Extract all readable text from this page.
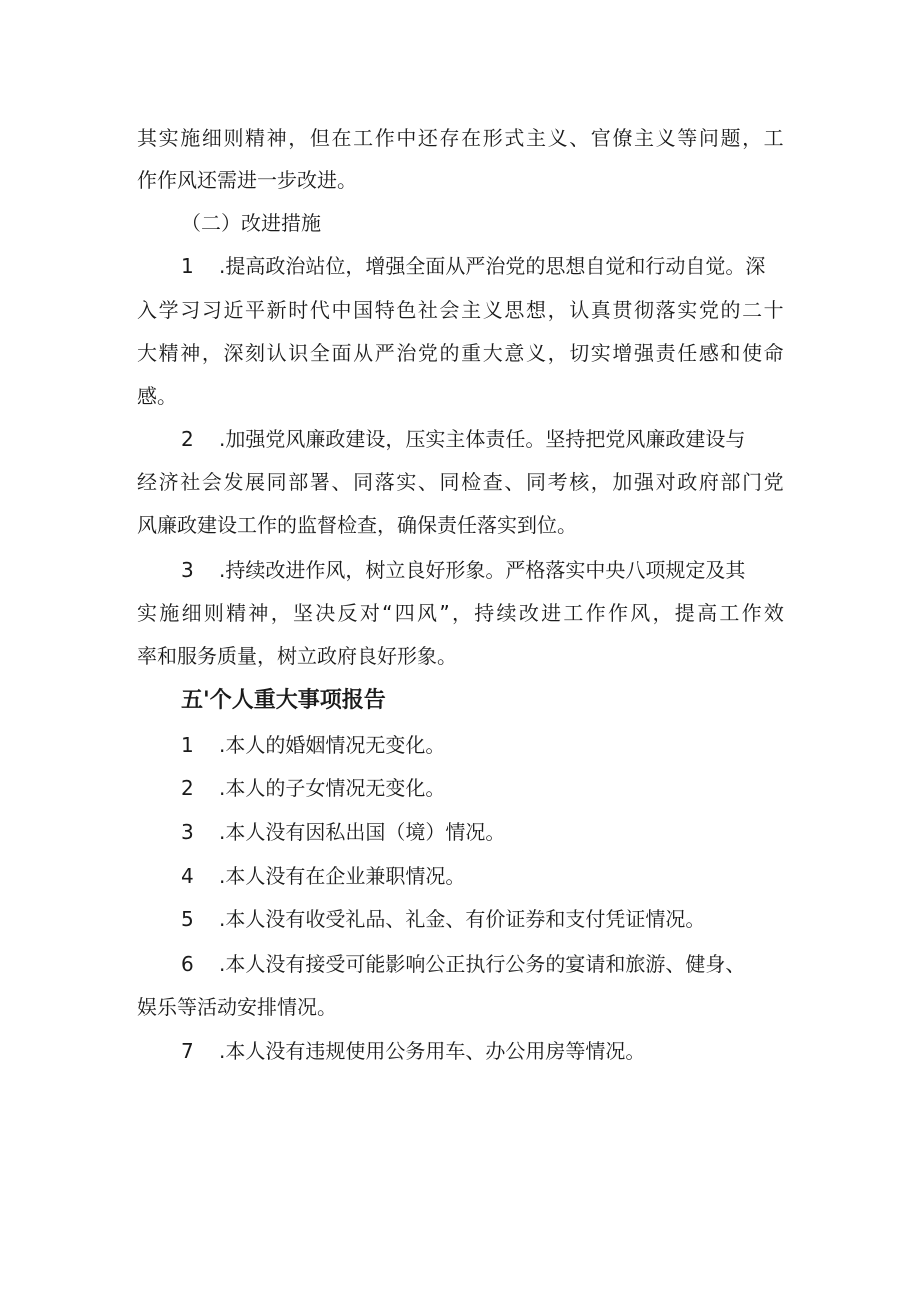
其 实 施 细 则 精 神 ， 但 在 工 作 中 还 存 在 形 式 主 义 、 官 僚 主 义 等 问 题 ， 工
作作风还需进一步改进。
（二）改进措施
1 .提高政治站位，增强全面从严治党的思想自觉和行动自觉。深
入 学 习 习 近 平 新 时 代 中 国 特 色 社 会 主 义 思 想 ， 认 真 贯 彻 落 实 党 的 二 十
大 精 神 ， 深 刻 认 识 全 面 从 严 治 党 的 重 大 意 义 ， 切 实 增 强 责 任 感 和 使 命
感。
2 .加强党风廉政建设，压实主体责任。坚持把党风廉政建设与
经 济 社 会 发 展 同 部 署 、 同 落 实 、 同 检 查 、 同 考 核 ， 加 强 对 政 府 部 门 党
风廉政建设工作的监督检查，确保责任落实到位。
3 .持续改进作风，树立良好形象。严格落实中央八项规定及其
实 施 细 则 精 神 ， 坚 决 反 对 “ 四 风 ” ， 持 续 改 进 工 作 作 风 ， 提 高 工 作 效
率和服务质量，树立政府良好形象。
五'个人重大事项报告
1 .本人的婚姻情况无变化。
2 .本人的子女情况无变化。
3 .本人没有因私出国（境）情况。
4 .本人没有在企业兼职情况。
5 .本人没有收受礼品、礼金、有价证券和支付凭证情况。
6 .本人没有接受可能影响公正执行公务的宴请和旅游、健身、
娱乐等活动安排情况。
7 .本人没有违规使用公务用车、办公用房等情况。
